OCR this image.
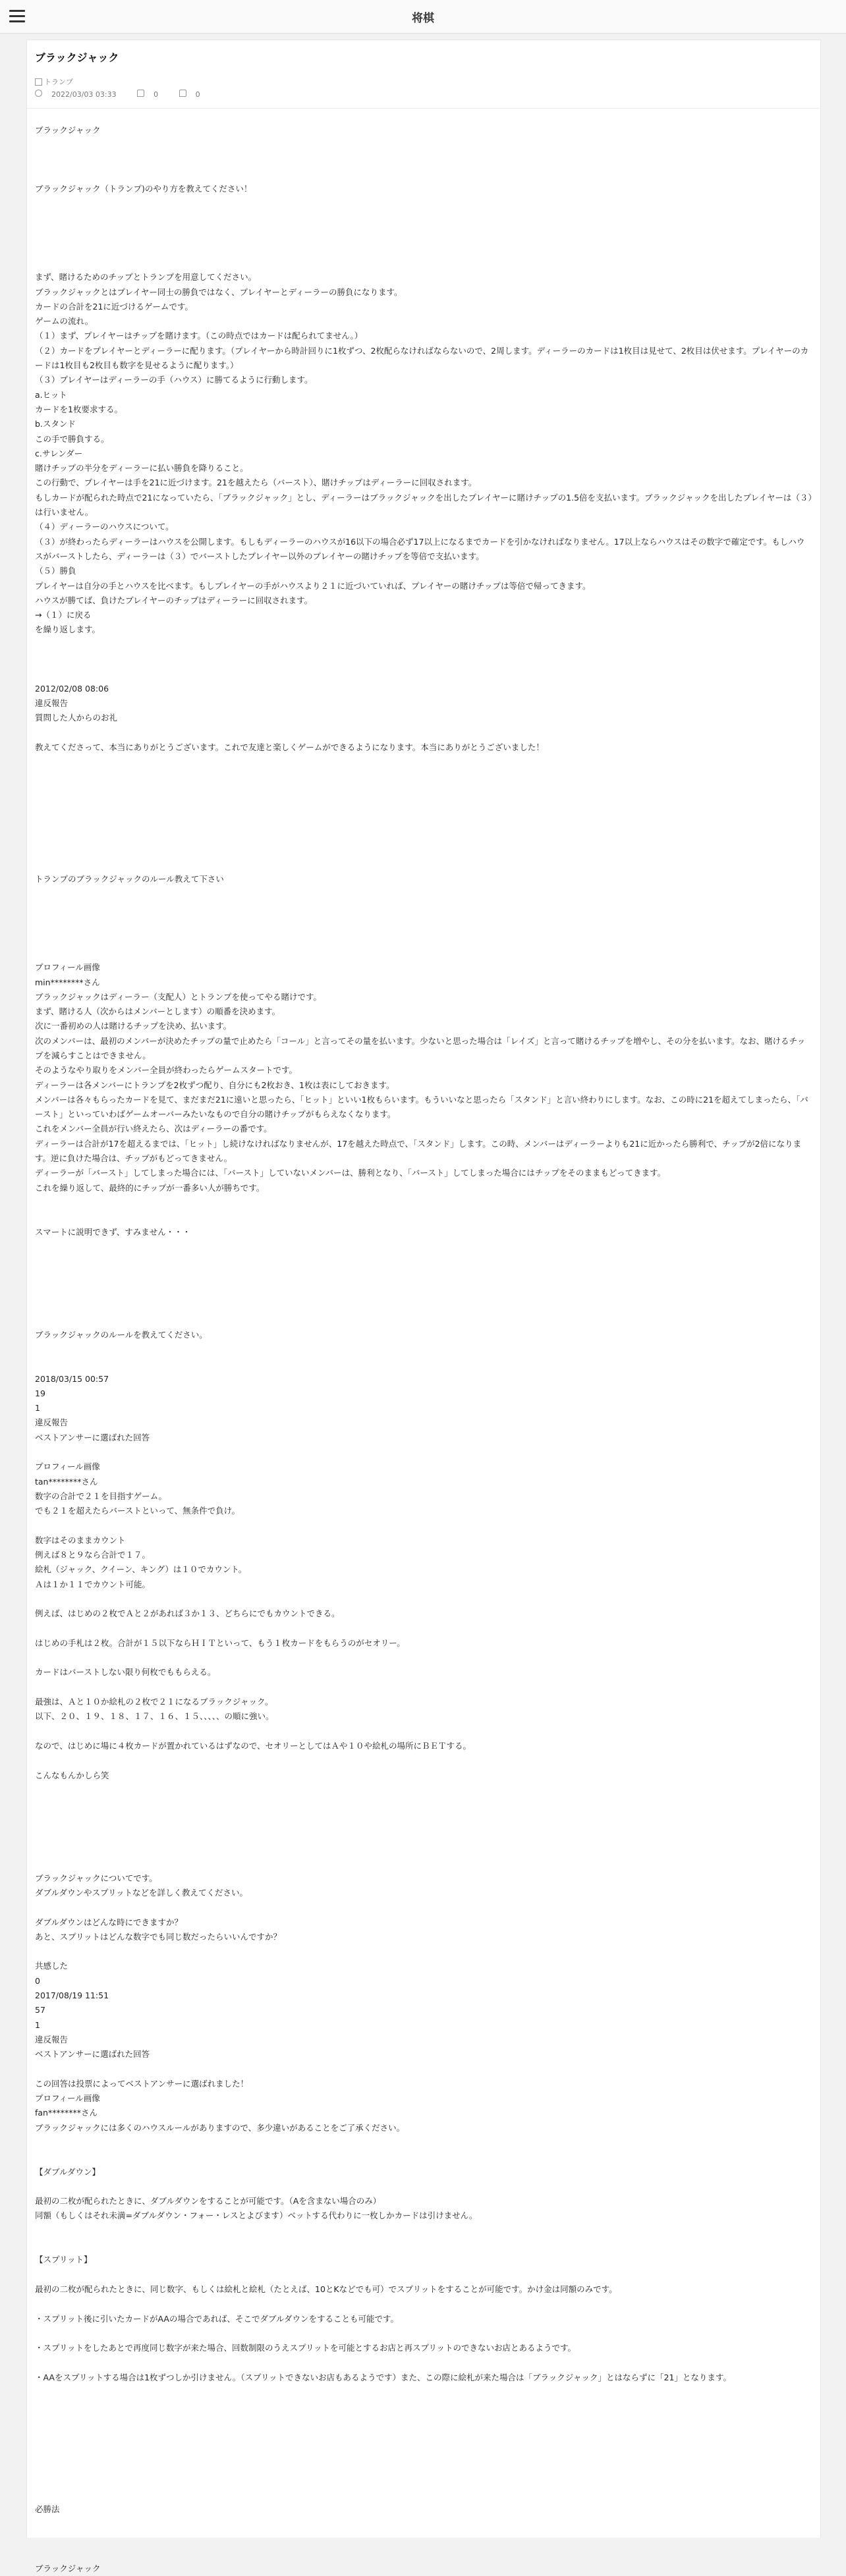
将棋
ブラックジャック
トランプ
2022/03/03 03:33	0	0

ブラックジャック

ブラックジャック（トランプ)のやり方を教えてください！

まず、賭けるためのチップとトランプを用意してください。
ブラックジャックとはプレイヤー同士の勝負ではなく、プレイヤーとディーラーの勝負になります。
カードの合計を21に近づけるゲームです。
ゲームの流れ。
（１）まず、プレイヤーはチップを賭けます。（この時点ではカードは配られてません。）
（２）カードをプレイヤーとディーラーに配ります。（プレイヤーから時計回りに1枚ずつ、2枚配らなければならないので、2周します。ディーラーのカードは1枚目は見せて、2枚目は伏せます。プレイヤーのカードは1枚目も2枚目も数字を見せるように配ります。）
（３）プレイヤーはディーラーの手（ハウス）に勝てるように行動します。
a.ヒット
カードを1枚要求する。
b.スタンド
この手で勝負する。
c.サレンダー
賭けチップの半分をディーラーに払い勝負を降りること。
この行動で、プレイヤーは手を21に近づけます。21を越えたら（バースト）、賭けチップはディーラーに回収されます。
もしカードが配られた時点で21になっていたら、「ブラックジャック」とし、ディーラーはブラックジャックを出したプレイヤーに賭けチップの1.5倍を支払います。ブラックジャックを出したプレイヤーは（３）は行いません。
（４）ディーラーのハウスについて。
（３）が終わったらディーラーはハウスを公開します。もしもディーラーのハウスが16以下の場合必ず17以上になるまでカードを引かなければなりません。17以上ならハウスはその数字で確定です。もしハウスがバーストしたら、ディーラーは（３）でバーストしたプレイヤー以外のプレイヤーの賭けチップを等倍で支払います。
（５）勝負
プレイヤーは自分の手とハウスを比べます。もしプレイヤーの手がハウスより２１に近づいていれば、プレイヤーの賭けチップは等倍で帰ってきます。
ハウスが勝てば、負けたプレイヤーのチップはディーラーに回収されます。
→（１）に戻る
を繰り返します。

2012/02/08 08:06
違反報告
質問した人からのお礼

教えてくださって、本当にありがとうございます。これで友達と楽しくゲームができるようになります。本当にありがとうございました！

トランプのブラックジャックのルール教えて下さい

プロフィール画像
min********さん
ブラックジャックはディーラー（支配人）とトランプを使ってやる賭けです。
まず、賭ける人（次からはメンバーとします）の順番を決めます。
次に一番初めの人は賭けるチップを決め、払います。
次のメンバーは、最初のメンバーが決めたチップの量で止めたら「コール」と言ってその量を払います。少ないと思った場合は「レイズ」と言って賭けるチップを増やし、その分を払います。なお、賭けるチップを減らすことはできません。
そのようなやり取りをメンバー全員が終わったらゲームスタートです。
ディーラーは各メンバーにトランプを2枚ずつ配り、自分にも2枚おき、1枚は表にしておきます。
メンバーは各々もらったカードを見て、まだまだ21に遠いと思ったら、「ヒット」といい1枚もらいます。もういいなと思ったら「スタンド」と言い終わりにします。なお、この時に21を超えてしまったら、「バースト」といっていわばゲームオーバーみたいなもので自分の賭けチップがもらえなくなります。
これをメンバー全員が行い終えたら、次はディーラーの番です。
ディーラーは合計が17を超えるまでは、「ヒット」し続けなければなりませんが、17を越えた時点で、「スタンド」します。この時、メンバーはディーラーよりも21に近かったら勝利で、チップが2倍になります。逆に負けた場合は、チップがもどってきません。
ディーラーが「バースト」してしまった場合には、「バースト」していないメンバーは、勝利となり、「バースト」してしまった場合にはチップをそのままもどってきます。
これを繰り返して、最終的にチップが一番多い人が勝ちです。

スマートに説明できず、すみません・・・

ブラックジャックのルールを教えてください。

2018/03/15 00:57
19
1
違反報告
ベストアンサーに選ばれた回答

プロフィール画像
tan********さん
数字の合計で２１を目指すゲーム。
でも２１を超えたらバーストといって、無条件で負け。

数字はそのままカウント
例えば８と９なら合計で１７。
絵札（ジャック、クイーン、キング）は１０でカウント。
Ａは１か１１でカウント可能。

例えば、はじめの２枚でＡと２があれば３か１３、どちらにでもカウントできる。

はじめの手札は２枚。合計が１５以下ならＨＩＴといって、もう１枚カードをもらうのがセオリー。

カードはバーストしない限り何枚でももらえる。

最強は、Ａと１０か絵札の２枚で２１になるブラックジャック。
以下、２０、１９、１８、１７、１６、１５、、、、、の順に強い。

なので、はじめに場に４枚カードが置かれているはずなので、セオリーとしてはＡや１０や絵札の場所にＢＥＴする。

こんなもんかしら笑

ブラックジャックについてです。
ダブルダウンやスプリットなどを詳しく教えてください。

ダブルダウンはどんな時にできますか？
あと、スプリットはどんな数字でも同じ数だったらいいんですか？

共感した
0
2017/08/19 11:51
57
1
違反報告
ベストアンサーに選ばれた回答

この回答は投票によってベストアンサーに選ばれました！
プロフィール画像
fan********さん
ブラックジャックには多くのハウスルールがありますので、多少違いがあることをご了承ください。

【ダブルダウン】

最初の二枚が配られたときに、ダブルダウンをすることが可能です。（Aを含まない場合のみ）
同額（もしくはそれ未満=ダブルダウン・フォー・レスとよびます）ベットする代わりに一枚しかカードは引けません。

【スプリット】

最初の二枚が配られたときに、同じ数字、もしくは絵札と絵札（たとえば、10とKなどでも可）でスプリットをすることが可能です。かけ金は同額のみです。

・スプリット後に引いたカードがAAの場合であれば、そこでダブルダウンをすることも可能です。

・スプリットをしたあとで再度同じ数字が来た場合、回数制限のうえスプリットを可能とするお店と再スプリットのできないお店とあるようです。

・AAをスプリットする場合は1枚ずつしか引けません。（スプリットできないお店もあるようです）また、この際に絵札が来た場合は「ブラックジャック」とはならずに「21」となります。

必勝法

ブラックジャック
